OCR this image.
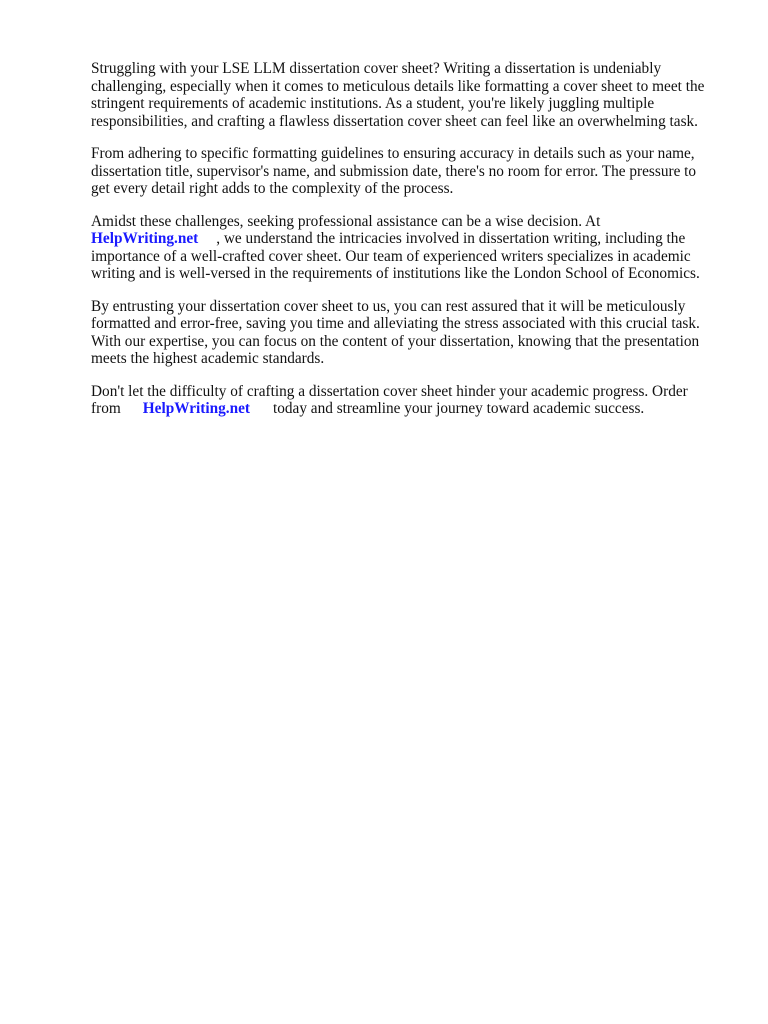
Struggling with your LSE LLM dissertation cover sheet? Writing a dissertation is undeniably
challenging, especially when it comes to meticulous details like formatting a cover sheet to meet the
stringent requirements of academic institutions. As a student, you're likely juggling multiple
responsibilities, and crafting a flawless dissertation cover sheet can feel like an overwhelming task.
From adhering to specific formatting guidelines to ensuring accuracy in details such as your name,
dissertation title, supervisor's name, and submission date, there's no room for error. The pressure to
get every detail right adds to the complexity of the process.
Amidst these challenges, seeking professional assistance can be a wise decision. At
HelpWriting.net , we understand the intricacies involved in dissertation writing, including the
importance of a well-crafted cover sheet. Our team of experienced writers specializes in academic
writing and is well-versed in the requirements of institutions like the London School of Economics.
By entrusting your dissertation cover sheet to us, you can rest assured that it will be meticulously
formatted and error-free, saving you time and alleviating the stress associated with this crucial task.
With our expertise, you can focus on the content of your dissertation, knowing that the presentation
meets the highest academic standards.
Don't let the difficulty of crafting a dissertation cover sheet hinder your academic progress. Order
from HelpWriting.net today and streamline your journey toward academic success.
